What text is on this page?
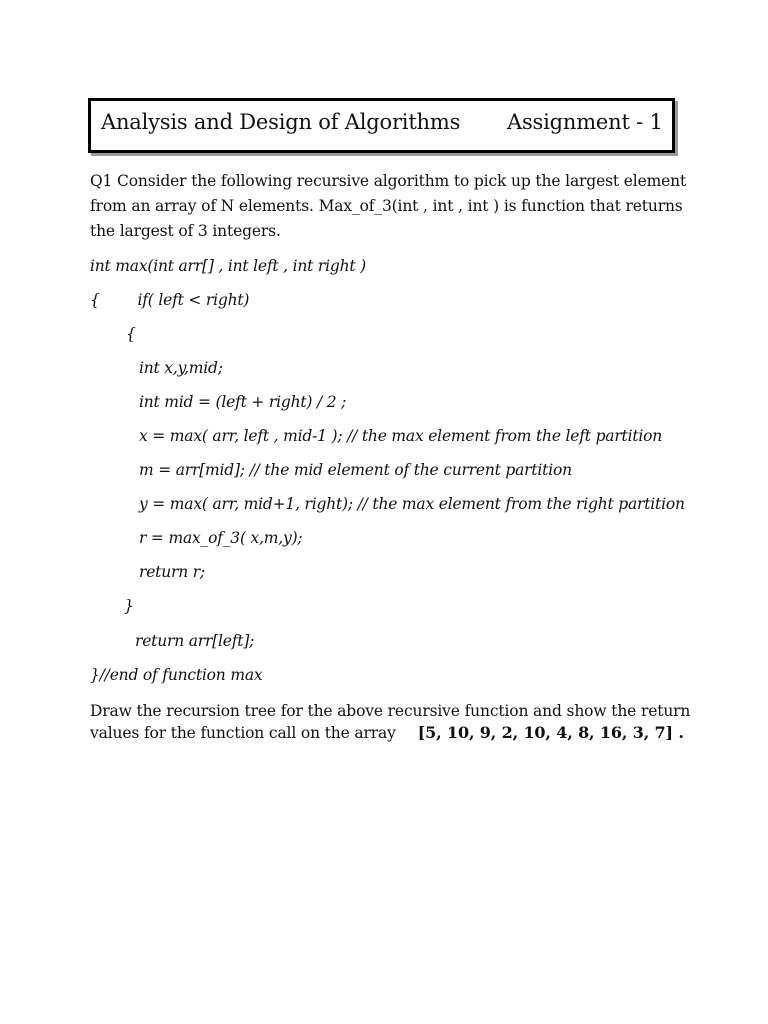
Analysis and Design of Algorithms Assignment - 1
Q1 Consider the following recursive algorithm to pick up the largest element
from an array of N elements. Max_of_3(int , int , int ) is function that returns
the largest of 3 integers.
int max(int arr[] , int left , int right )
{        if( left < right)
{
int x,y,mid;
int mid = (left + right) / 2 ;
x = max( arr, left , mid-1 ); // the max element from the left partition
m = arr[mid]; // the mid element of the current partition
y = max( arr, mid+1, right); // the max element from the right partition
r = max_of_3( x,m,y);
return r;
}
return arr[left];
}//end of function max
Draw the recursion tree for the above recursive function and show the return
values for the function call on the array [5, 10, 9, 2, 10, 4, 8, 16, 3, 7] .
